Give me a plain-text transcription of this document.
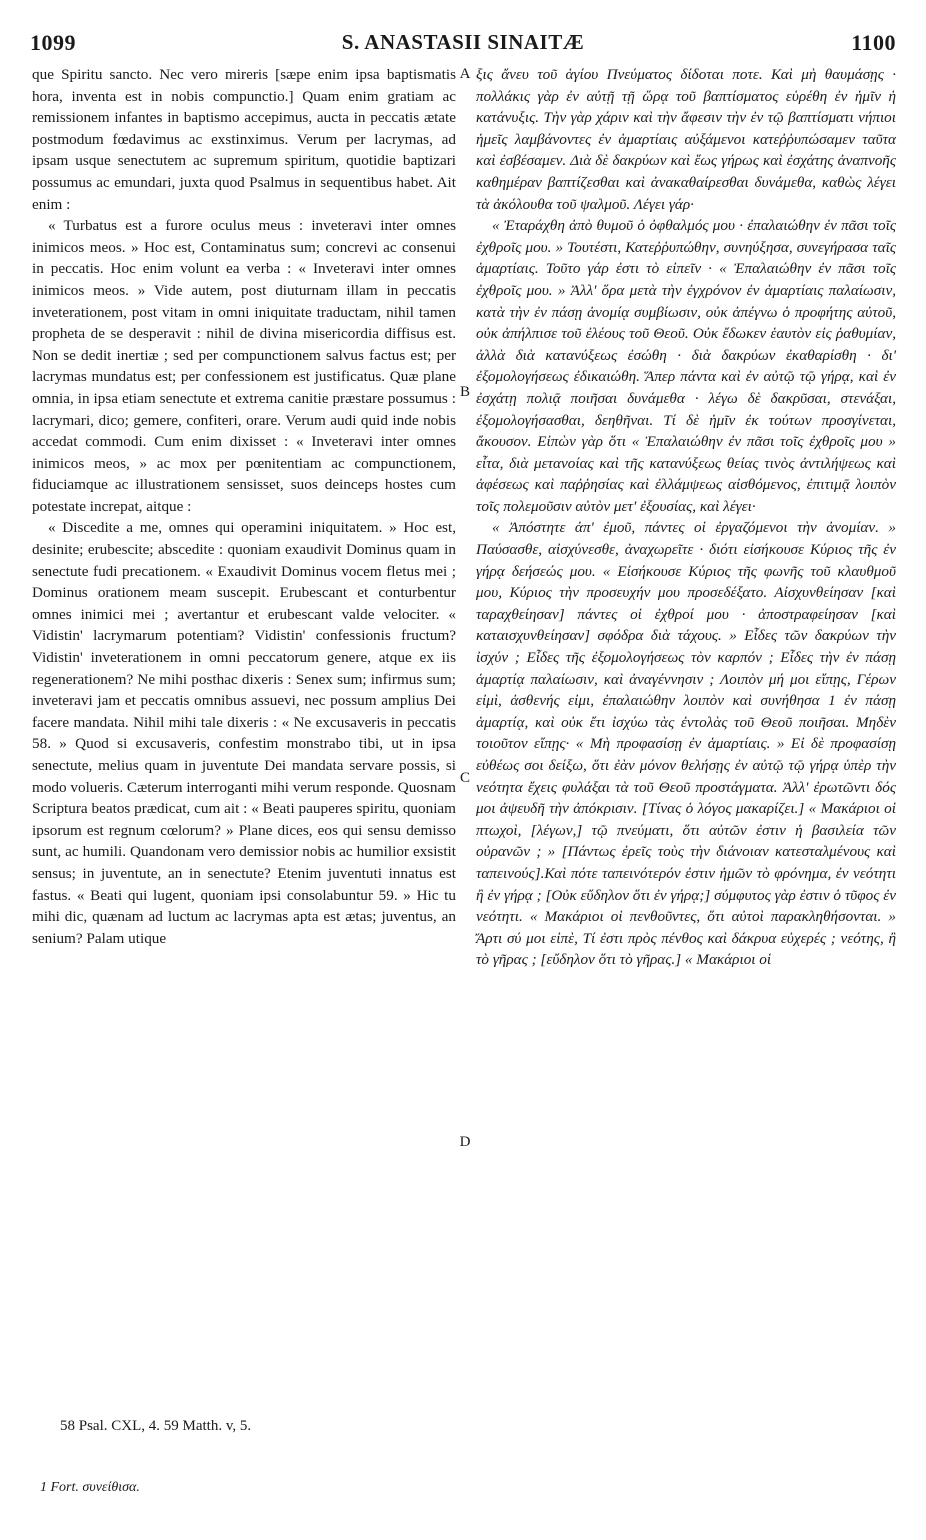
1099	S. ANASTASII SINAITÆ	1100

que Spiritu sancto. Nec vero mireris [sæpe enim ipsa baptismatis hora, inventa est in nobis compunctio.] Quam enim gratiam ac remissionem infantes in baptismo accepimus, aucta in peccatis ætate postmodum fœdavimus ac exstinximus. Verum per lacrymas, ad ipsam usque senectutem ac supremum spiritum, quotidie baptizari possumus ac emundari, juxta quod Psalmus in sequentibus habet. Ait enim :

« Turbatus est a furore oculus meus : inveteravi inter omnes inimicos meos. » Hoc est, Contaminatus sum; concrevi ac consenui in peccatis. Hoc enim volunt ea verba : « Inveteravi inter omnes inimicos meos. » Vide autem, post diuturnam illam in peccatis inveterationem, post vitam in omni iniquitate traductam, nihil tamen propheta de se desperavit : nihil de divina misericordia diffisus est. Non se dedit inertiæ ; sed per compunctionem salvus factus est; per lacrymas mundatus est; per confessionem est justificatus. Quæ plane omnia, in ipsa etiam senectute et extrema canitie præstare possumus : lacrymari, dico; gemere, confiteri, orare. Verum audi quid inde nobis accedat commodi. Cum enim dixisset : « Inveteravi inter omnes inimicos meos, » ac mox per pœnitentiam ac compunctionem, fiduciamque ac illustrationem sensisset, suos deinceps hostes cum potestate increpat, aitque :

« Discedite a me, omnes qui operamini iniquitatem. » Hoc est, desinite; erubescite; abscedite : quoniam exaudivit Dominus quam in senectute fudi precationem. « Exaudivit Dominus vocem fletus mei ; Dominus orationem meam suscepit. Erubescant et conturbentur omnes inimici mei ; avertantur et erubescant valde velociter. « Vidistin' lacrymarum potentiam? Vidistin' confessionis fructum? Vidistin' inveterationem in omni peccatorum genere, atque ex iis regenerationem? Ne mihi posthac dixeris : Senex sum; infirmus sum; inveteravi jam et peccatis omnibus assuevi, nec possum amplius Dei facere mandata. Nihil mihi tale dixeris : « Ne excusaveris in peccatis 58. » Quod si excusaveris, confestim monstrabo tibi, ut in ipsa senectute, melius quam in juventute Dei mandata servare possis, si modo volueris. Cæterum interroganti mihi verum responde. Quosnam Scriptura beatos prædicat, cum ait : « Beati pauperes spiritu, quoniam ipsorum est regnum cœlorum? » Plane dices, eos qui sensu demisso sunt, ac humili. Quandonam vero demissior nobis ac humilior exsistit sensus; in juventute, an in senectute? Etenim juventuti innatus est fastus. « Beati qui lugent, quoniam ipsi consolabuntur 59. » Hic tu mihi dic, quænam ad luctum ac lacrymas apta est ætas; juventus, an senium? Palam utique

A
B
C
D

ξις ἄνευ τοῦ ἁγίου Πνεύματος δίδοται ποτε. Καὶ μὴ θαυμάσῃς · πολλάκις γὰρ ἐν αὐτῇ τῇ ὥρᾳ τοῦ βαπτίσματος εὑρέθη ἐν ἡμῖν ἡ κατάνυξις. Τὴν γὰρ χάριν καὶ τὴν ἄφεσιν τὴν ἐν τῷ βαπτίσματι νήπιοι ἡμεῖς λαμβάνοντες ἐν ἁμαρτίαις αὐξάμενοι κατεῤῥυπώσαμεν ταῦτα καὶ ἐσβέσαμεν. Διὰ δὲ δακρύων καὶ ἕως γήρως καὶ ἐσχάτης ἀναπνοῆς καθημέραν βαπτίζεσθαι καὶ ἀνακαθαίρεσθαι δυνάμεθα, καθὼς λέγει τὰ ἀκόλουθα τοῦ ψαλμοῦ. Λέγει γάρ·

« Ἐταράχθη ἀπὸ θυμοῦ ὁ ὀφθαλμός μου · ἐπαλαιώθην ἐν πᾶσι τοῖς ἐχθροῖς μου. » Τουτέστι, Κατεῤῥυπώθην, συνηύξησα, συνεγήρασα ταῖς ἁμαρτίαις. Τοῦτο γάρ ἐστι τὸ εἰπεῖν · « Ἐπαλαιώθην ἐν πᾶσι τοῖς ἐχθροῖς μου. » Ἀλλ' ὅρα μετὰ τὴν ἐγχρόνον ἐν ἁμαρτίαις παλαίωσιν, κατὰ τὴν ἐν πάσῃ ἀνομίᾳ συμβίωσιν, οὐκ ἀπέγνω ὁ προφήτης αὐτοῦ, οὐκ ἀπήλπισε τοῦ ἐλέους τοῦ Θεοῦ. Οὐκ ἔδωκεν ἑαυτὸν εἰς ῥαθυμίαν, ἀλλὰ διὰ κατανύξεως ἐσώθη · διὰ δακρύων ἐκαθαρίσθη · δι' ἐξομολογήσεως ἐδικαιώθη. Ἅπερ πάντα καὶ ἐν αὐτῷ τῷ γήρᾳ, καὶ ἐν ἐσχάτῃ πολιᾷ ποιῆσαι δυνάμεθα · λέγω δὲ δακρῦσαι, στενάξαι, ἐξομολογήσασθαι, δεηθῆναι. Τί δὲ ἡμῖν ἐκ τούτων προσγίνεται, ἄκουσον. Εἰπὼν γὰρ ὅτι « Ἐπαλαιώθην ἐν πᾶσι τοῖς ἐχθροῖς μου » εἶτα, διὰ μετανοίας καὶ τῆς κατανύξεως θείας τινὸς ἀντιλήψεως καὶ ἀφέσεως καὶ παῤῥησίας καὶ ἐλλάμψεως αἰσθόμενος, ἐπιτιμᾷ λοιπὸν τοῖς πολεμοῦσιν αὐτὸν μετ' ἐξουσίας, καὶ λέγει·

« Ἀπόστητε ἀπ' ἐμοῦ, πάντες οἱ ἐργαζόμενοι τὴν ἀνομίαν. » Παύσασθε, αἰσχύνεσθε, ἀναχωρεῖτε · διότι εἰσήκουσε Κύριος τῆς ἐν γήρᾳ δεήσεώς μου. « Εἰσήκουσε Κύριος τῆς φωνῆς τοῦ κλαυθμοῦ μου, Κύριος τὴν προσευχήν μου προσεδέξατο. Αἰσχυνθείησαν [καὶ ταραχθείησαν] πάντες οἱ ἐχθροί μου · ἀποστραφείησαν [καὶ καταισχυνθείησαν] σφόδρα διὰ τάχους. » Εἶδες τῶν δακρύων τὴν ἰσχύν ; Εἶδες τῆς ἐξομολογήσεως τὸν καρπόν ; Εἶδες τὴν ἐν πάσῃ ἁμαρτίᾳ παλαίωσιν, καὶ ἀναγέννησιν ; Λοιπὸν μή μοι εἴπῃς, Γέρων εἰμὶ, ἀσθενής εἰμι, ἐπαλαιώθην λοιπὸν καὶ συνήθησα 1 ἐν πάσῃ ἁμαρτίᾳ, καὶ οὐκ ἔτι ἰσχύω τὰς ἐντολὰς τοῦ Θεοῦ ποιῆσαι. Μηδὲν τοιοῦτον εἴπῃς· « Μὴ προφασίσῃ ἐν ἁμαρτίαις. » Εἰ δὲ προφασίσῃ εὐθέως σοι δείξω, ὅτι ἐὰν μόνον θελήσῃς ἐν αὐτῷ τῷ γήρᾳ ὑπὲρ τὴν νεότητα ἔχεις φυλάξαι τὰ τοῦ Θεοῦ προστάγματα. Ἀλλ' ἐρωτῶντι δός μοι ἀψευδῆ τὴν ἀπόκρισιν. [Τίνας ὁ λόγος μακαρίζει.] « Μακάριοι οἱ πτωχοὶ, [λέγων,] τῷ πνεύματι, ὅτι αὐτῶν ἐστιν ἡ βασιλεία τῶν οὐρανῶν ; » [Πάντως ἐρεῖς τοὺς τὴν διάνοιαν κατεσταλμένους καὶ ταπεινούς].Καὶ πότε ταπεινότερόν ἐστιν ἡμῶν τὸ φρόνημα, ἐν νεότητι ἢ ἐν γήρᾳ ; [Οὐκ εὔδηλον ὅτι ἐν γήρᾳ;] σύμφυτος γὰρ ἐστιν ὁ τῦφος ἐν νεότητι. « Μακάριοι οἱ πενθοῦντες, ὅτι αὐτοὶ παρακληθήσονται. » Ἄρτι σύ μοι εἰπὲ, Τί ἐστι πρὸς πένθος καὶ δάκρυα εὐχερές ; νεότης, ἢ τὸ γῆρας ; [εὔδηλον ὅτι τὸ γῆρας.] « Μακάριοι οἱ

58 Psal. CXL, 4. 59 Matth. v, 5.
1 Fort. συνείθισα.
